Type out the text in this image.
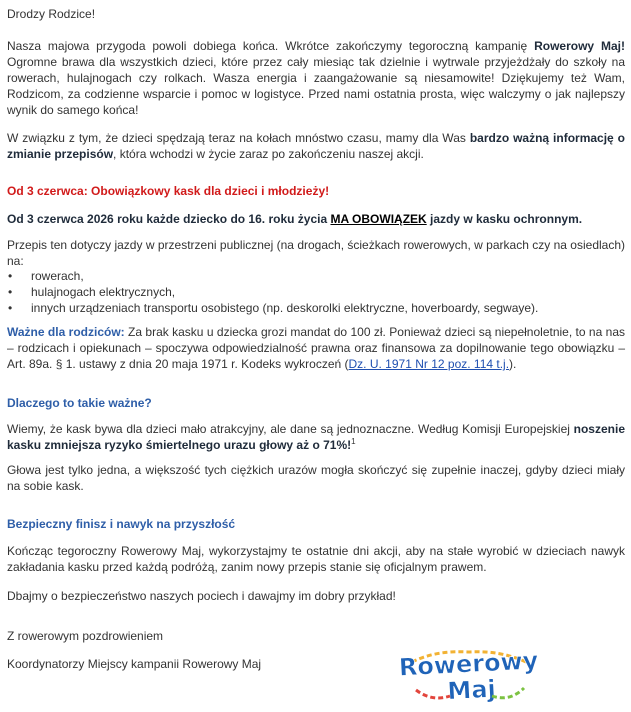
Drodzy Rodzice!

Nasza majowa przygoda powoli dobiega końca. Wkrótce zakończymy tegoroczną kampanię Rowerowy Maj! Ogromne brawa dla wszystkich dzieci, które przez cały miesiąc tak dzielnie i wytrwale przyjeżdżały do szkoły na rowerach, hulajnogach czy rolkach. Wasza energia i zaangażowanie są niesamowite! Dziękujemy też Wam, Rodzicom, za codzienne wsparcie i pomoc w logistyce. Przed nami ostatnia prosta, więc walczymy o jak najlepszy wynik do samego końca!

W związku z tym, że dzieci spędzają teraz na kołach mnóstwo czasu, mamy dla Was bardzo ważną informację o zmianie przepisów, która wchodzi w życie zaraz po zakończeniu naszej akcji.

Od 3 czerwca: Obowiązkowy kask dla dzieci i młodzieży!

Od 3 czerwca 2026 roku każde dziecko do 16. roku życia MA OBOWIĄZEK jazdy w kasku ochronnym.

Przepis ten dotyczy jazdy w przestrzeni publicznej (na drogach, ścieżkach rowerowych, w parkach czy na osiedlach) na:

• rowerach,
• hulajnogach elektrycznych,
• innych urządzeniach transportu osobistego (np. deskorolki elektryczne, hoverboardy, segwaye).

Ważne dla rodziców: Za brak kasku u dziecka grozi mandat do 100 zł. Ponieważ dzieci są niepełnoletnie, to na nas – rodzicach i opiekunach – spoczywa odpowiedzialność prawna oraz finansowa za dopilnowanie tego obowiązku – Art. 89a. § 1. ustawy z dnia 20 maja 1971 r. Kodeks wykroczeń (Dz. U. 1971 Nr 12 poz. 114 t.j.).

Dlaczego to takie ważne?

Wiemy, że kask bywa dla dzieci mało atrakcyjny, ale dane są jednoznaczne. Według Komisji Europejskiej noszenie kasku zmniejsza ryzyko śmiertelnego urazu głowy aż o 71%!$^1$

Głowa jest tylko jedna, a większość tych ciężkich urazów mogła skończyć się zupełnie inaczej, gdyby dzieci miały na sobie kask.

Bezpieczny finisz i nawyk na przyszłość

Kończąc tegoroczny Rowerowy Maj, wykorzystajmy te ostatnie dni akcji, aby na stałe wyrobić w dzieciach nawyk zakładania kasku przed każdą podróżą, zanim nowy przepis stanie się oficjalnym prawem.

Dbajmy o bezpieczeństwo naszych pociech i dawajmy im dobry przykład!

Z rowerowym pozdrowieniem

Koordynatorzy Miejscy kampanii Rowerowy Maj	Rowerowy
Maj
